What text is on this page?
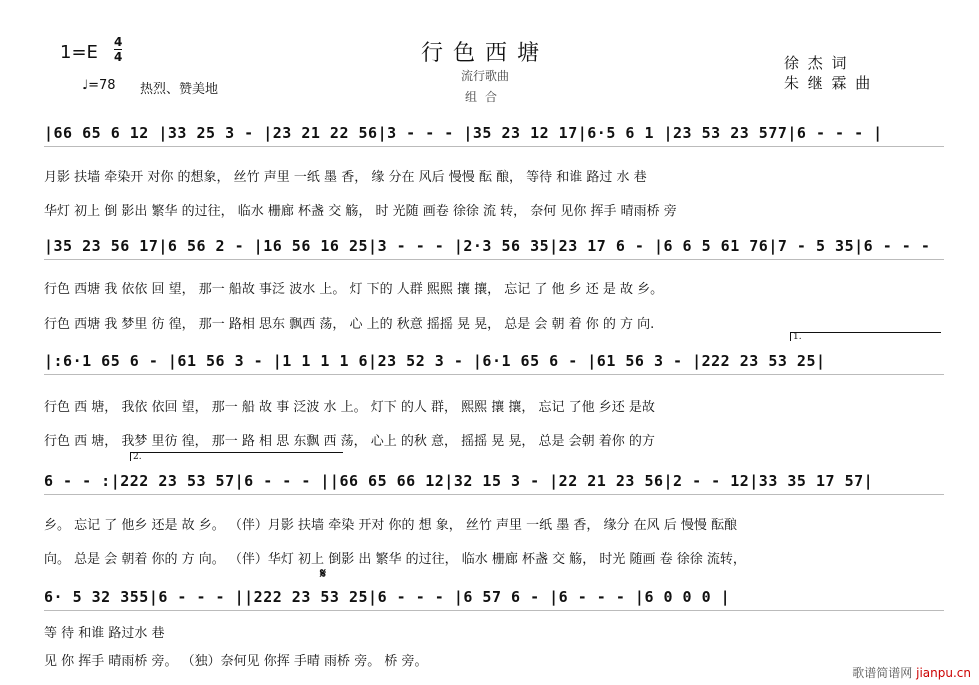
1=E 4
4
♩=78 热烈、赞美地
行色西塘
流行歌曲
组合
徐 杰 词
朱 继 霖 曲
|66 65 6 12 |33 25 3 - |23 21 22 56|3 - - - |35 23 12 17|6·5 6 1 |23 53 23 577|6 - - - |
月影 扶墙 牵染开 对你 的想象， 丝竹 声里 一纸 墨 香， 缘 分在 风后 慢慢 酝 酿， 等待 和谁 路过 水 巷
华灯 初上 倒 影出 繁华 的过往， 临水 栅廊 杯盏 交 觞， 时 光随 画卷 徐徐 流 转， 奈何 见你 挥手 晴雨桥 旁
|35 23 56 17|6 56 2 - |16 56 16 25|3 - - - |2·3 56 35|23 17 6 - |6 6 5 61 76|7 - 5 35|6 - - -
行色 西塘 我 依依 回 望， 那一 船故 事泛 波水 上。 灯 下的 人群 熙熙 攘 攘， 忘记 了 他 乡 还 是 故 乡。
行色 西塘 我 梦里 彷 徨， 那一 路相 思东 飘西 荡， 心 上的 秋意 摇摇 晃 晃， 总是 会 朝 着 你 的 方 向.
1.
|:6·1 65 6 - |61 56 3 - |1 1 1 1 6|23 52 3 - |6·1 65 6 - |61 56 3 - |222 23 53 25|
行色 西 塘， 我依 依回 望， 那一 船 故 事 泛波 水 上。 灯下 的人 群， 熙熙 攘 攘， 忘记 了他 乡还 是故
行色 西 塘， 我梦 里彷 徨， 那一 路 相 思 东飘 西 荡， 心上 的秋 意， 摇摇 晃 晃， 总是 会朝 着你 的方
2.
6 - - :|222 23 53 57|6 - - - ||66 65 66 12|32 15 3 - |22 21 23 56|2 - - 12|33 35 17 57|
乡。 忘记 了 他乡 还是 故 乡。 （伴）月影 扶墙 牵染 开对 你的 想 象， 丝竹 声里 一纸 墨 香， 缘分 在风 后 慢慢 酝酿
向。 总是 会 朝着 你的 方 向。 （伴）华灯 初上 倒影 出 繁华 的过往， 临水 栅廊 杯盏 交 觞， 时光 随画 卷 徐徐 流转，
𝄋
6· 5 32 355|6 - - - ||222 23 53 25|6 - - - |6 57 6 - |6 - - - |6 0 0 0 |
等 待 和谁 路过水 巷
见 你 挥手 晴雨桥 旁。 （独）奈何见 你挥 手晴 雨桥 旁。 桥 旁。
歌谱简谱网 jianpu.cn
